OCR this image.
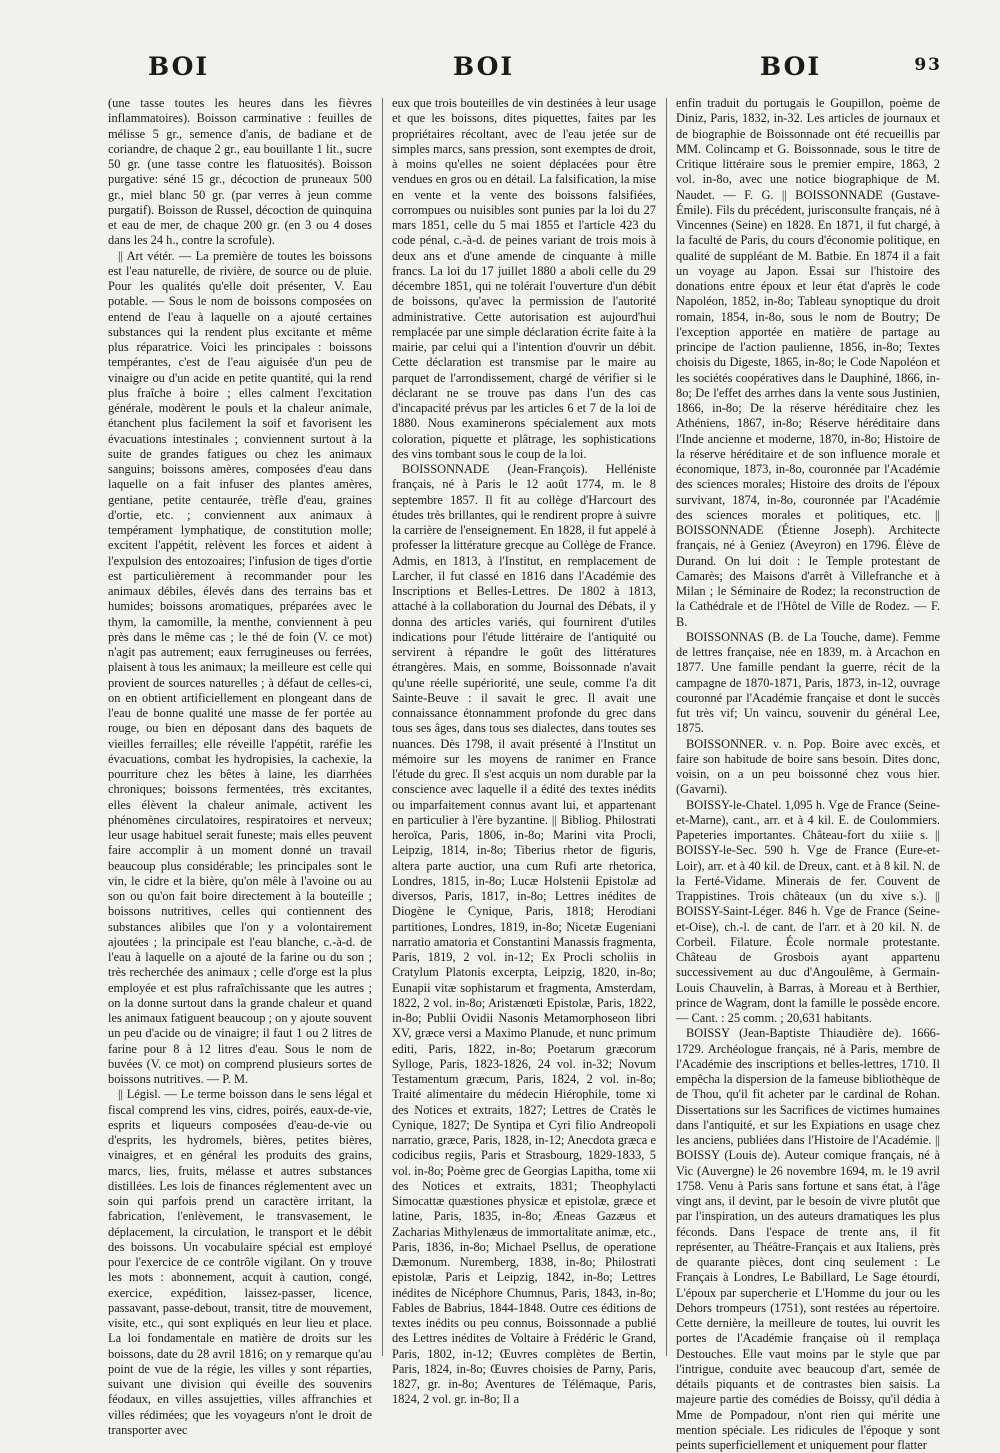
BOI	BOI	BOI	93

(une tasse toutes les heures dans les fièvres inflammatoires). Boisson carminative : feuilles de mélisse 5 gr., semence d'anis, de badiane et de coriandre, de chaque 2 gr., eau bouillante 1 lit., sucre 50 gr. (une tasse contre les flatuosités). Boisson purgative: séné 15 gr., décoction de pruneaux 500 gr., miel blanc 50 gr. (par verres à jeun comme purgatif). Boisson de Russel, décoction de quinquina et eau de mer, de chaque 200 gr. (en 3 ou 4 doses dans les 24 h., contre la scrofule).

|| Art vétér. — La première de toutes les boissons est l'eau naturelle, de rivière, de source ou de pluie. Pour les qualités qu'elle doit présenter, V. Eau potable. — Sous le nom de boissons composées on entend de l'eau à laquelle on a ajouté certaines substances qui la rendent plus excitante et même plus réparatrice. Voici les principales : boissons tempérantes, c'est de l'eau aiguisée d'un peu de vinaigre ou d'un acide en petite quantité, qui la rend plus fraîche à boire ; elles calment l'excitation générale, modèrent le pouls et la chaleur animale, étanchent plus facilement la soif et favorisent les évacuations intestinales ; conviennent surtout à la suite de grandes fatigues ou chez les animaux sanguins; boissons amères, composées d'eau dans laquelle on a fait infuser des plantes amères, gentiane, petite centaurée, trèfle d'eau, graines d'ortie, etc. ; conviennent aux animaux à tempérament lymphatique, de constitution molle; excitent l'appétit, relèvent les forces et aident à l'expulsion des entozoaires; l'infusion de tiges d'ortie est particulièrement à recommander pour les animaux débiles, élevés dans des terrains bas et humides; boissons aromatiques, préparées avec le thym, la camomille, la menthe, conviennent à peu près dans le même cas ; le thé de foin (V. ce mot) n'agit pas autrement; eaux ferrugineuses ou ferrées, plaisent à tous les animaux; la meilleure est celle qui provient de sources naturelles ; à défaut de celles-ci, on en obtient artificiellement en plongeant dans de l'eau de bonne qualité une masse de fer portée au rouge, ou bien en déposant dans des baquets de vieilles ferrailles; elle réveille l'appétit, raréfie les évacuations, combat les hydropisies, la cachexie, la pourriture chez les bêtes à laine, les diarrhées chroniques; boissons fermentées, très excitantes, elles élèvent la chaleur animale, activent les phénomènes circulatoires, respiratoires et nerveux; leur usage habituel serait funeste; mais elles peuvent faire accomplir à un moment donné un travail beaucoup plus considérable; les principales sont le vin, le cidre et la bière, qu'on mêle à l'avoine ou au son ou qu'on fait boire directement à la bouteille ; boissons nutritives, celles qui contiennent des substances alibiles que l'on y a volontairement ajoutées ; la principale est l'eau blanche, c.-à-d. de l'eau à laquelle on a ajouté de la farine ou du son ; très recherchée des animaux ; celle d'orge est la plus employée et est plus rafraîchissante que les autres ; on la donne surtout dans la grande chaleur et quand les animaux fatiguent beaucoup ; on y ajoute souvent un peu d'acide ou de vinaigre; il faut 1 ou 2 litres de farine pour 8 à 12 litres d'eau. Sous le nom de buvées (V. ce mot) on comprend plusieurs sortes de boissons nutritives. — P. M.

|| Législ. — Le terme boisson dans le sens légal et fiscal comprend les vins, cidres, poirés, eaux-de-vie, esprits et liqueurs composées d'eau-de-vie ou d'esprits, les hydromels, bières, petites bières, vinaigres, et en général les produits des grains, marcs, lies, fruits, mélasse et autres substances distillées. Les lois de finances réglementent avec un soin qui parfois prend un caractère irritant, la fabrication, l'enlèvement, le transvasement, le déplacement, la circulation, le transport et le débit des boissons. Un vocabulaire spécial est employé pour l'exercice de ce contrôle vigilant. On y trouve les mots : abonnement, acquit à caution, congé, exercice, expédition, laissez-passer, licence, passavant, passe-debout, transit, titre de mouvement, visite, etc., qui sont expliqués en leur lieu et place. La loi fondamentale en matière de droits sur les boissons, date du 28 avril 1816; on y remarque qu'au point de vue de la régie, les villes y sont réparties, suivant une division qui éveille des souvenirs féodaux, en villes assujetties, villes affranchies et villes rédimées; que les voyageurs n'ont le droit de transporter avec

eux que trois bouteilles de vin destinées à leur usage et que les boissons, dites piquettes, faites par les propriétaires récoltant, avec de l'eau jetée sur de simples marcs, sans pression, sont exemptes de droit, à moins qu'elles ne soient déplacées pour être vendues en gros ou en détail. La falsification, la mise en vente et la vente des boissons falsifiées, corrompues ou nuisibles sont punies par la loi du 27 mars 1851, celle du 5 mai 1855 et l'article 423 du code pénal, c.-à-d. de peines variant de trois mois à deux ans et d'une amende de cinquante à mille francs. La loi du 17 juillet 1880 a aboli celle du 29 décembre 1851, qui ne tolérait l'ouverture d'un débit de boissons, qu'avec la permission de l'autorité administrative. Cette autorisation est aujourd'hui remplacée par une simple déclaration écrite faite à la mairie, par celui qui a l'intention d'ouvrir un débit. Cette déclaration est transmise par le maire au parquet de l'arrondissement, chargé de vérifier si le déclarant ne se trouve pas dans l'un des cas d'incapacité prévus par les articles 6 et 7 de la loi de 1880. Nous examinerons spécialement aux mots coloration, piquette et plâtrage, les sophistications des vins tombant sous le coup de la loi.

BOISSONNADE (Jean-François). Helléniste français, né à Paris le 12 août 1774, m. le 8 septembre 1857. Il fit au collège d'Harcourt des études très brillantes, qui le rendirent propre à suivre la carrière de l'enseignement. En 1828, il fut appelé à professer la littérature grecque au Collège de France. Admis, en 1813, à l'Institut, en remplacement de Larcher, il fut classé en 1816 dans l'Académie des Inscriptions et Belles-Lettres. De 1802 à 1813, attaché à la collaboration du Journal des Débats, il y donna des articles variés, qui fournirent d'utiles indications pour l'étude littéraire de l'antiquité ou servirent à répandre le goût des littératures étrangères. Mais, en somme, Boissonnade n'avait qu'une réelle supériorité, une seule, comme l'a dit Sainte-Beuve : il savait le grec. Il avait une connaissance étonnamment profonde du grec dans tous ses âges, dans tous ses dialectes, dans toutes ses nuances. Dès 1798, il avait présenté à l'Institut un mémoire sur les moyens de ranimer en France l'étude du grec. Il s'est acquis un nom durable par la conscience avec laquelle il a édité des textes inédits ou imparfaitement connus avant lui, et appartenant en particulier à l'ère byzantine. || Bibliog. Philostrati heroïca, Paris, 1806, in-8o; Marini vita Procli, Leipzig, 1814, in-8o; Tiberius rhetor de figuris, altera parte auctior, una cum Rufi arte rhetorica, Londres, 1815, in-8o; Lucæ Holstenii Epistolæ ad diversos, Paris, 1817, in-8o; Lettres inédites de Diogène le Cynique, Paris, 1818; Herodiani partitiones, Londres, 1819, in-8o; Nicetæ Eugeniani narratio amatoria et Constantini Manassis fragmenta, Paris, 1819, 2 vol. in-12; Ex Procli scholiis in Cratylum Platonis excerpta, Leipzig, 1820, in-8o; Eunapii vitæ sophistarum et fragmenta, Amsterdam, 1822, 2 vol. in-8o; Aristænœti Epistolæ, Paris, 1822, in-8o; Publii Ovidii Nasonis Metamorphoseon libri XV, græce versi a Maximo Planude, et nunc primum editi, Paris, 1822, in-8o; Poetarum græcorum Sylloge, Paris, 1823-1826, 24 vol. in-32; Novum Testamentum græcum, Paris, 1824, 2 vol. in-8o; Traité alimentaire du médecin Hiérophile, tome xi des Notices et extraits, 1827; Lettres de Cratès le Cynique, 1827; De Syntipa et Cyri filio Andreopoli narratio, græce, Paris, 1828, in-12; Anecdota græca e codicibus regiis, Paris et Strasbourg, 1829-1833, 5 vol. in-8o; Poème grec de Georgias Lapitha, tome xii des Notices et extraits, 1831; Theophylacti Simocattæ quæstiones physicæ et epistolæ, græce et latine, Paris, 1835, in-8o; Æneas Gazæus et Zacharias Mithylenæus de immortalitate animæ, etc., Paris, 1836, in-8o; Michael Psellus, de operatione Dæmonum. Nuremberg, 1838, in-8o; Philostrati epistolæ, Paris et Leipzig, 1842, in-8o; Lettres inédites de Nicéphore Chumnus, Paris, 1843, in-8o; Fables de Babrius, 1844-1848. Outre ces éditions de textes inédits ou peu connus, Boissonnade a publié des Lettres inédites de Voltaire à Frédéric le Grand, Paris, 1802, in-12; Œuvres complètes de Bertin, Paris, 1824, in-8o; Œuvres choisies de Parny, Paris, 1827, gr. in-8o; Aventures de Télémaque, Paris, 1824, 2 vol. gr. in-8o; Il a

enfin traduit du portugais le Goupillon, poème de Diniz, Paris, 1832, in-32. Les articles de journaux et de biographie de Boissonnade ont été recueillis par MM. Colincamp et G. Boissonnade, sous le titre de Critique littéraire sous le premier empire, 1863, 2 vol. in-8o, avec une notice biographique de M. Naudet. — F. G. || BOISSONNADE (Gustave-Émile). Fils du précédent, jurisconsulte français, né à Vincennes (Seine) en 1828. En 1871, il fut chargé, à la faculté de Paris, du cours d'économie politique, en qualité de suppléant de M. Batbie. En 1874 il a fait un voyage au Japon. Essai sur l'histoire des donations entre époux et leur état d'après le code Napoléon, 1852, in-8o; Tableau synoptique du droit romain, 1854, in-8o, sous le nom de Boutry; De l'exception apportée en matière de partage au principe de l'action paulienne, 1856, in-8o; Textes choisis du Digeste, 1865, in-8o; le Code Napoléon et les sociétés coopératives dans le Dauphiné, 1866, in-8o; De l'effet des arrhes dans la vente sous Justinien, 1866, in-8o; De la réserve héréditaire chez les Athéniens, 1867, in-8o; Réserve héréditaire dans l'Inde ancienne et moderne, 1870, in-8o; Histoire de la réserve héréditaire et de son influence morale et économique, 1873, in-8o, couronnée par l'Académie des sciences morales; Histoire des droits de l'époux survivant, 1874, in-8o, couronnée par l'Académie des sciences morales et politiques, etc. || BOISSONNADE (Étienne Joseph). Architecte français, né à Geniez (Aveyron) en 1796. Élève de Durand. On lui doit : le Temple protestant de Camarès; des Maisons d'arrêt à Villefranche et à Milan ; le Séminaire de Rodez; la reconstruction de la Cathédrale et de l'Hôtel de Ville de Rodez. — F. B.

BOISSONNAS (B. de La Touche, dame). Femme de lettres française, née en 1839, m. à Arcachon en 1877. Une famille pendant la guerre, récit de la campagne de 1870-1871, Paris, 1873, in-12, ouvrage couronné par l'Académie française et dont le succès fut très vif; Un vaincu, souvenir du général Lee, 1875.

BOISSONNER. v. n. Pop. Boire avec excès, et faire son habitude de boire sans besoin. Dites donc, voisin, on a un peu boissonné chez vous hier. (Gavarni).

BOISSY-le-Chatel. 1,095 h. Vge de France (Seine-et-Marne), cant., arr. et à 4 kil. E. de Coulommiers. Papeteries importantes. Château-fort du xiiie s. || BOISSY-le-Sec. 590 h. Vge de France (Eure-et-Loir), arr. et à 40 kil. de Dreux, cant. et à 8 kil. N. de la Ferté-Vidame. Minerais de fer. Couvent de Trappistines. Trois châteaux (un du xive s.). || BOISSY-Saint-Léger. 846 h. Vge de France (Seine-et-Oise), ch.-l. de cant. de l'arr. et à 20 kil. N. de Corbeil. Filature. École normale protestante. Château de Grosbois ayant appartenu successivement au duc d'Angoulême, à Germain-Louis Chauvelin, à Barras, à Moreau et à Berthier, prince de Wagram, dont la famille le possède encore. — Cant. : 25 comm. ; 20,631 habitants.

BOISSY (Jean-Baptiste Thiaudière de). 1666-1729. Archéologue français, né à Paris, membre de l'Académie des inscriptions et belles-lettres, 1710. Il empêcha la dispersion de la fameuse bibliothèque de de Thou, qu'il fit acheter par le cardinal de Rohan. Dissertations sur les Sacrifices de victimes humaines dans l'antiquité, et sur les Expiations en usage chez les anciens, publiées dans l'Histoire de l'Académie. || BOISSY (Louis de). Auteur comique français, né à Vic (Auvergne) le 26 novembre 1694, m. le 19 avril 1758. Venu à Paris sans fortune et sans état, à l'âge vingt ans, il devint, par le besoin de vivre plutôt que par l'inspiration, un des auteurs dramatiques les plus féconds. Dans l'espace de trente ans, il fit représenter, au Théâtre-Français et aux Italiens, près de quarante pièces, dont cinq seulement : Le Français à Londres, Le Babillard, Le Sage étourdi, L'époux par supercherie et L'Homme du jour ou les Dehors trompeurs (1751), sont restées au répertoire. Cette dernière, la meilleure de toutes, lui ouvrit les portes de l'Académie française où il remplaça Destouches. Elle vaut moins par le style que par l'intrigue, conduite avec beaucoup d'art, semée de détails piquants et de contrastes bien saisis. La majeure partie des comédies de Boissy, qu'il dédia à Mme de Pompadour, n'ont rien qui mérite une mention spéciale. Les ridicules de l'époque y sont peints superficiellement et uniquement pour flatter
